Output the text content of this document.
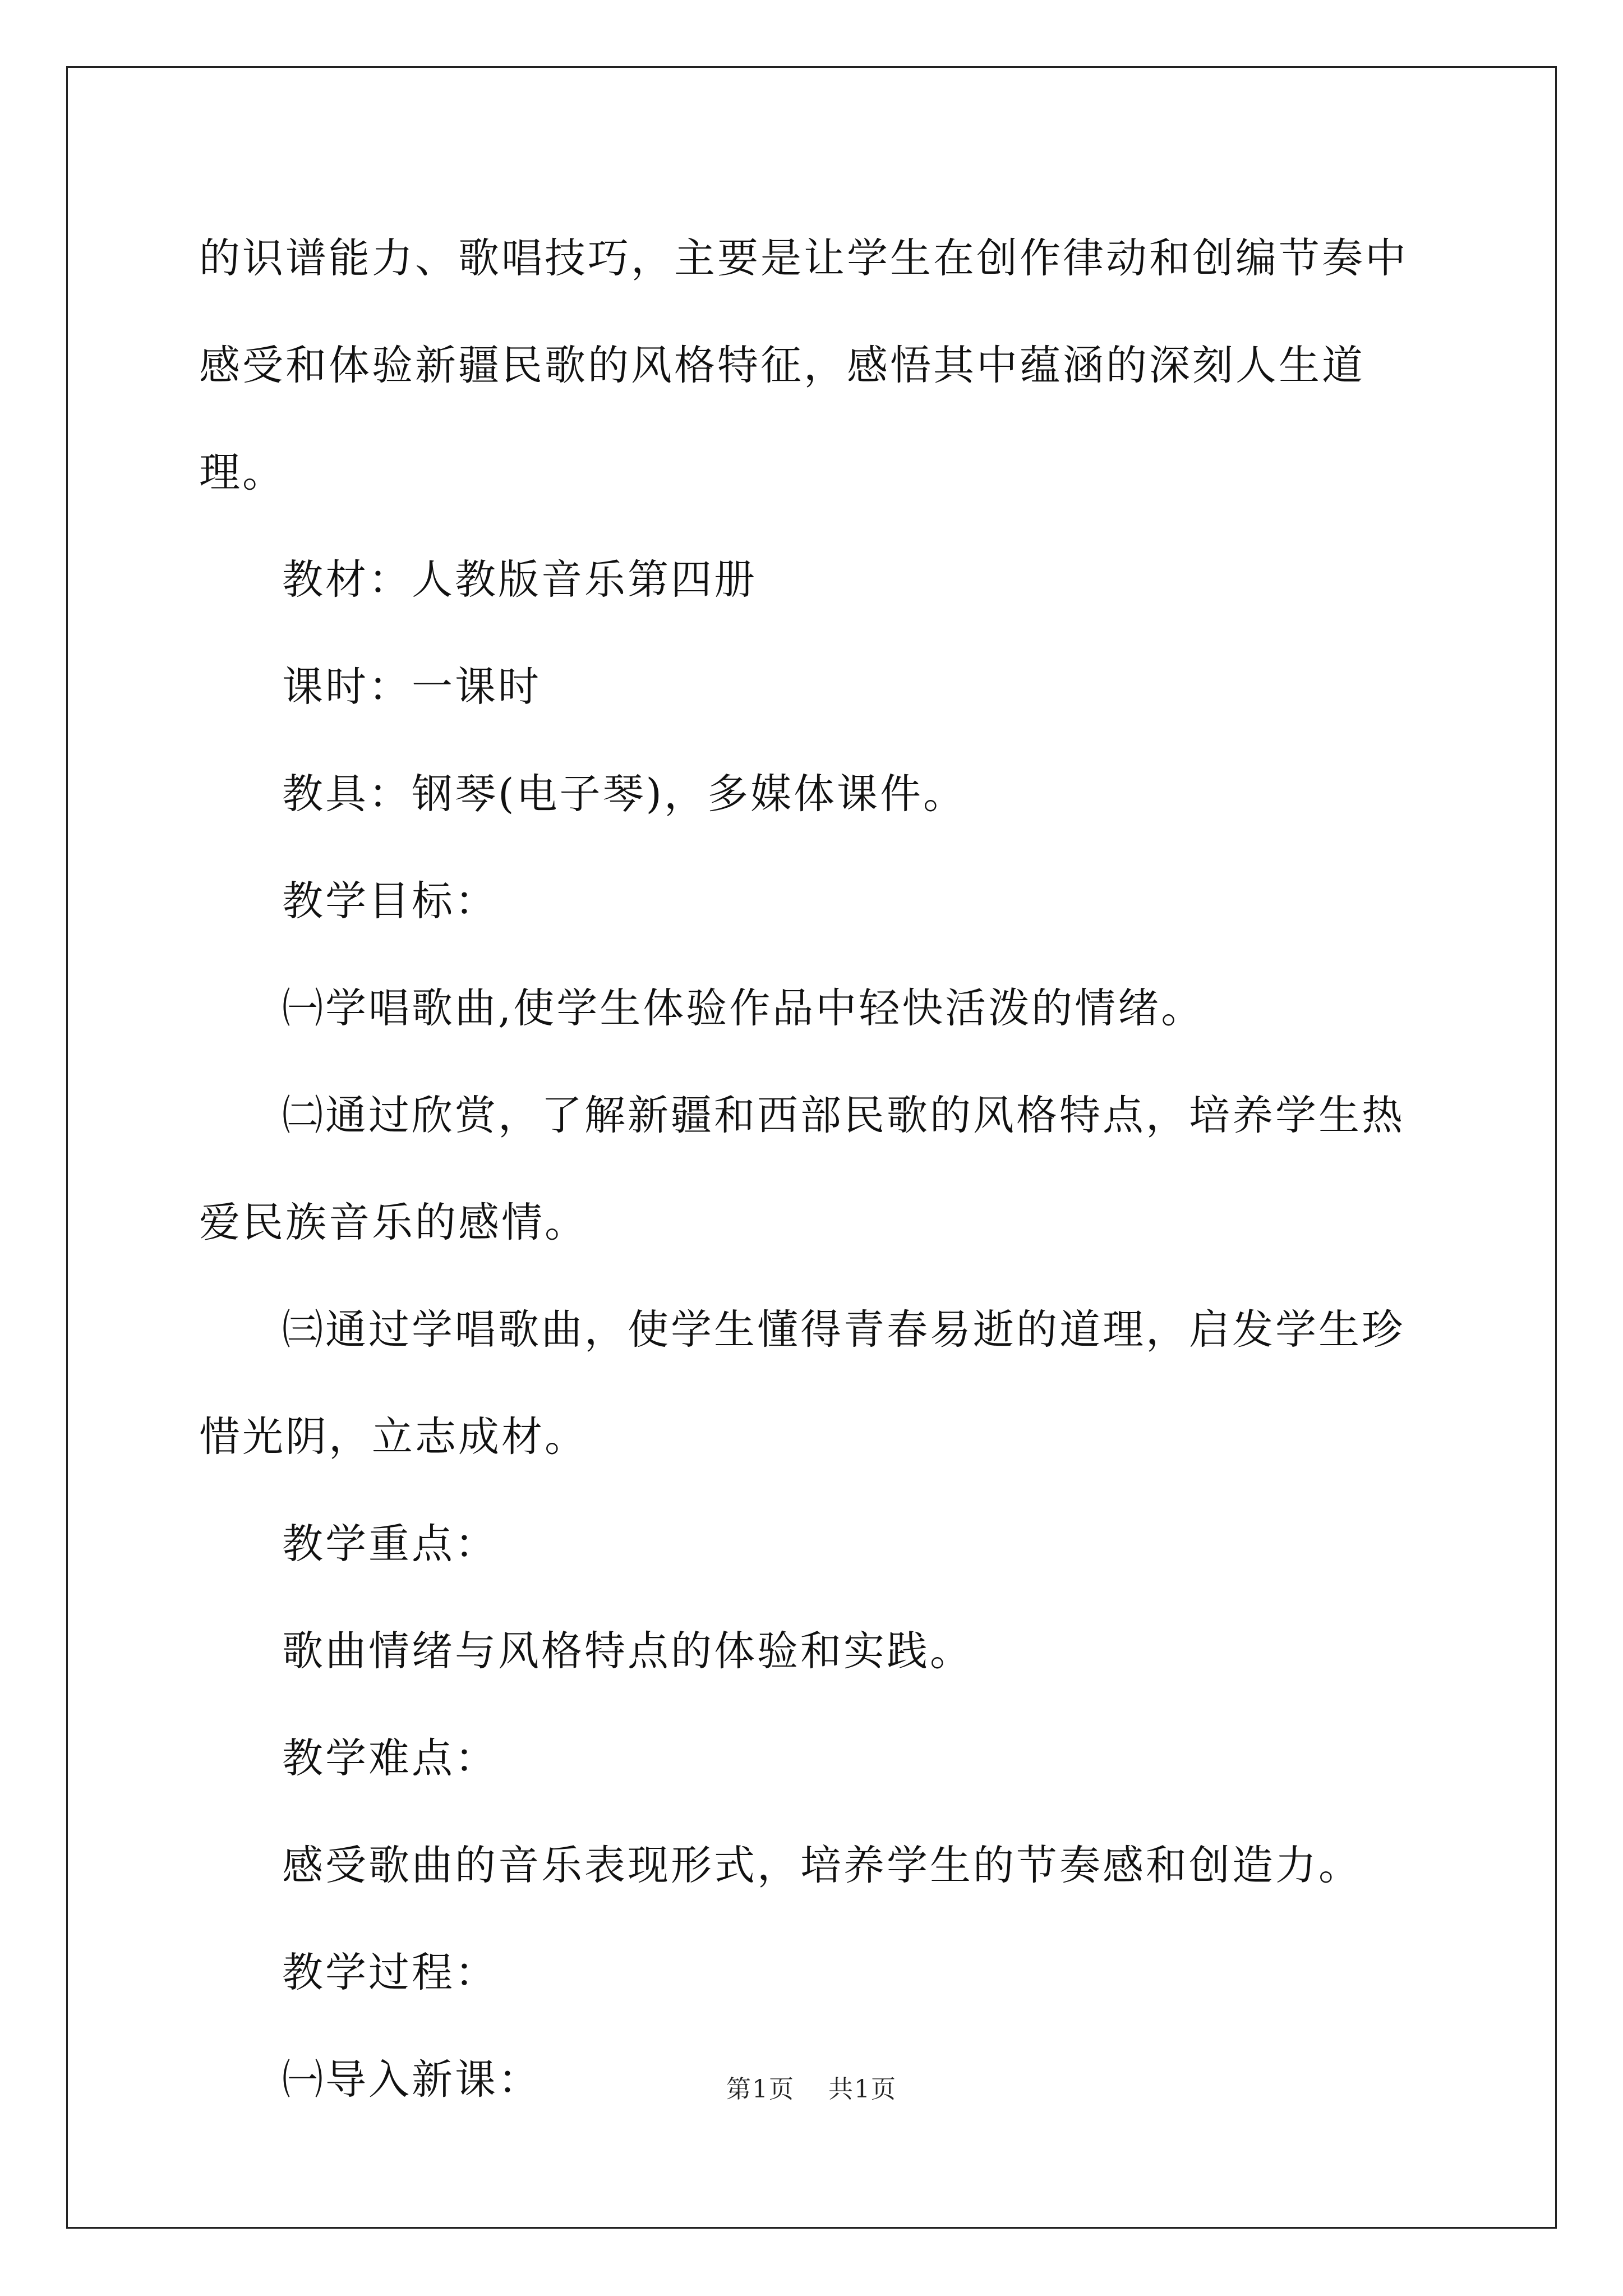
的识谱能力、歌唱技巧，主要是让学生在创作律动和创编节奏中感受和体验新疆民歌的风格特征，感悟其中蕴涵的深刻人生道理。

教材：人教版音乐第四册

课时：一课时

教具：钢琴(电子琴)，多媒体课件。

教学目标：

㈠学唱歌曲,使学生体验作品中轻快活泼的情绪。

㈡通过欣赏，了解新疆和西部民歌的风格特点，培养学生热爱民族音乐的感情。

㈢通过学唱歌曲，使学生懂得青春易逝的道理，启发学生珍惜光阴，立志成材。

教学重点：

歌曲情绪与风格特点的体验和实践。

教学难点：

感受歌曲的音乐表现形式，培养学生的节奏感和创造力。

教学过程：

㈠导入新课：	第1页 共1页
